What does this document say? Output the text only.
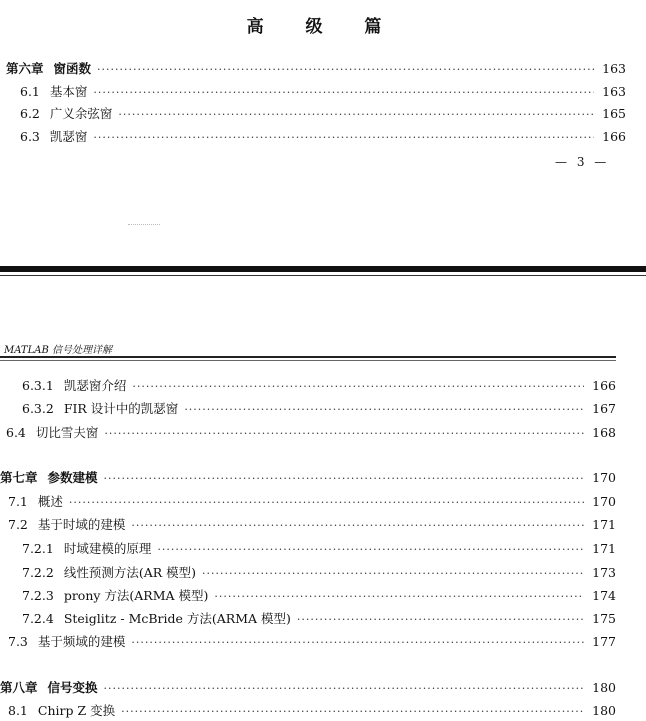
高 级 篇
第六章 窗函数 ·····	163
6.1 基本窗 ·····	163
6.2 广义余弦窗 ·····	165
6.3 凯瑟窗 ·····	166
— 3 —
MATLAB 信号处理详解
6.3.1 凯瑟窗介绍 ·····	166
6.3.2 FIR 设计中的凯瑟窗 ·····	167
6.4 切比雪夫窗 ·····	168
第七章 参数建模 ·····	170
7.1 概述 ·····	170
7.2 基于时域的建模 ·····	171
7.2.1 时域建模的原理 ·····	171
7.2.2 线性预测方法(AR 模型) ·····	173
7.2.3 prony 方法(ARMA 模型) ·····	174
7.2.4 Steiglitz - McBride 方法(ARMA 模型) ·····	175
7.3 基于频域的建模 ·····	177
第八章 信号变换 ·····	180
8.1 Chirp Z 变换 ·····	180
